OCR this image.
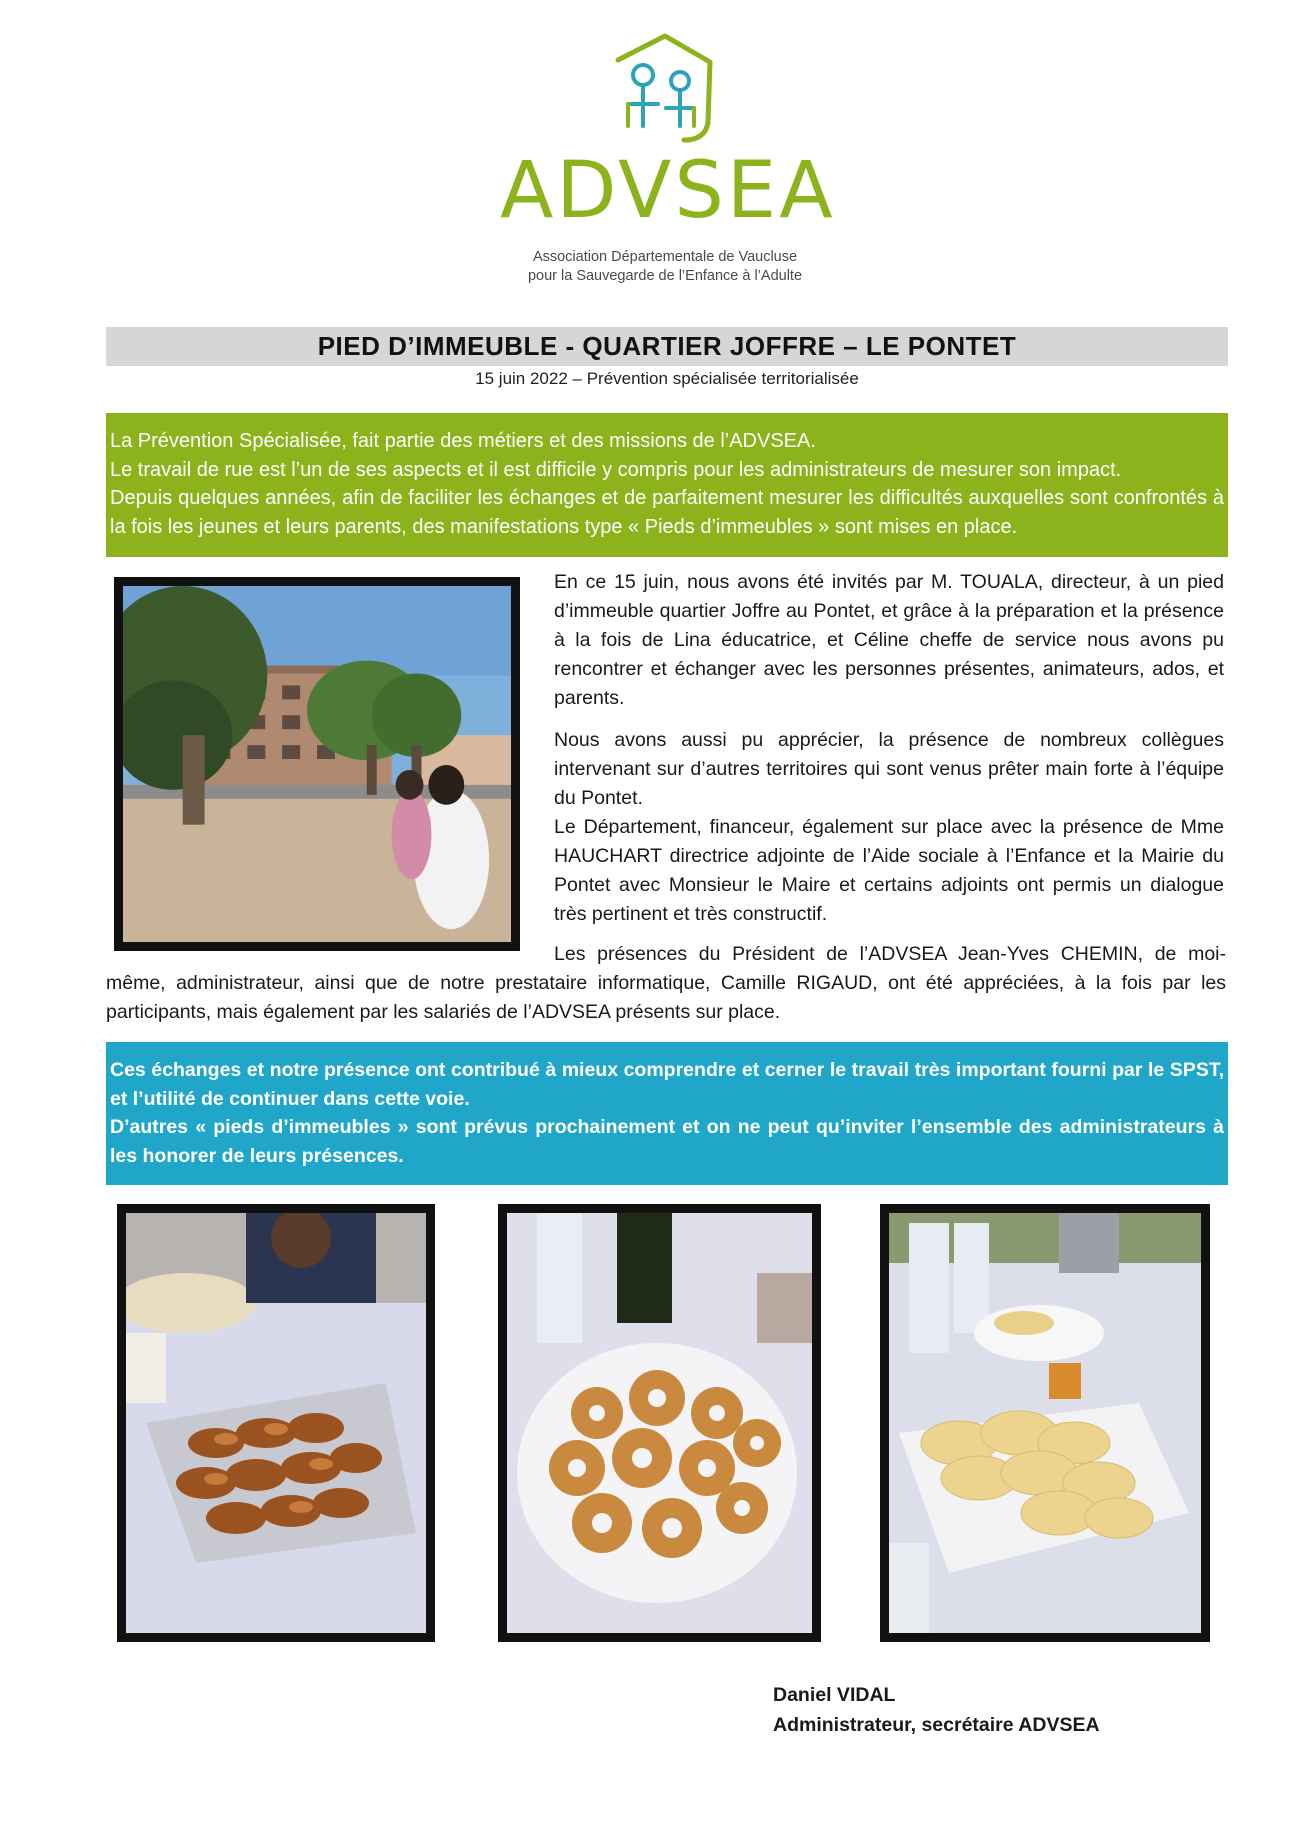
ADVSEA
Association Départementale de Vaucluse
pour la Sauvegarde de l’Enfance à l’Adulte
PIED D’IMMEUBLE - QUARTIER JOFFRE – LE PONTET
15 juin 2022 – Prévention spécialisée territorialisée

La Prévention Spécialisée, fait partie des métiers et des missions de l’ADVSEA.

Le travail de rue est l’un de ses aspects et il est difficile y compris pour les administrateurs de mesurer son impact.

Depuis quelques années, afin de faciliter les échanges et de parfaitement mesurer les difficultés auxquelles sont confrontés à la fois les jeunes et leurs parents, des manifestations type « Pieds d’immeubles » sont mises en place.

En ce 15 juin, nous avons été invités par M. TOUALA, directeur, à un pied d’immeuble quartier Joffre au Pontet, et grâce à la préparation et la présence à la fois de Lina éducatrice, et Céline cheffe de service nous avons pu rencontrer et échanger avec les personnes présentes, animateurs, ados, et parents.

Nous avons aussi pu apprécier, la présence de nombreux collègues intervenant sur d’autres territoires qui sont venus prêter main forte à l’équipe du Pontet.

Le Département, financeur, également sur place avec la présence de Mme HAUCHART directrice adjointe de l’Aide sociale à l’Enfance et la Mairie du Pontet avec Monsieur le Maire et certains adjoints ont permis un dialogue très pertinent et très constructif.

Les présences du Président de l’ADVSEA Jean-Yves CHEMIN, de moi-même, administrateur, ainsi que de notre prestataire informatique, Camille RIGAUD, ont été appréciées, à la fois par les participants, mais également par les salariés de l’ADVSEA présents sur place.

Ces échanges et notre présence ont contribué à mieux comprendre et cerner le travail très important fourni par le SPST, et l’utilité de continuer dans cette voie.

D’autres « pieds d’immeubles » sont prévus prochainement et on ne peut qu’inviter l’ensemble des administrateurs à les honorer de leurs présences.

Daniel VIDAL
Administrateur, secrétaire ADVSEA
